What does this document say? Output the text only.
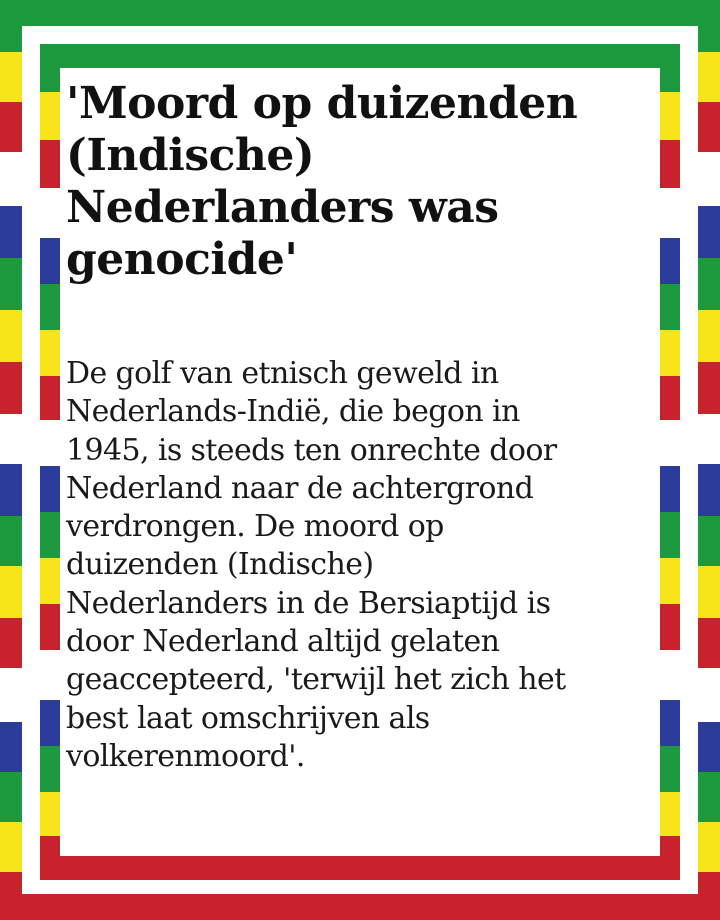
'Moord op duizenden
(Indische)
Nederlanders was
genocide'

De golf van etnisch geweld in
Nederlands-Indië, die begon in
1945, is steeds ten onrechte door
Nederland naar de achtergrond
verdrongen. De moord op
duizenden (Indische)
Nederlanders in de Bersiaptijd is
door Nederland altijd gelaten
geaccepteerd, 'terwijl het zich het
best laat omschrijven als
volkerenmoord'.
